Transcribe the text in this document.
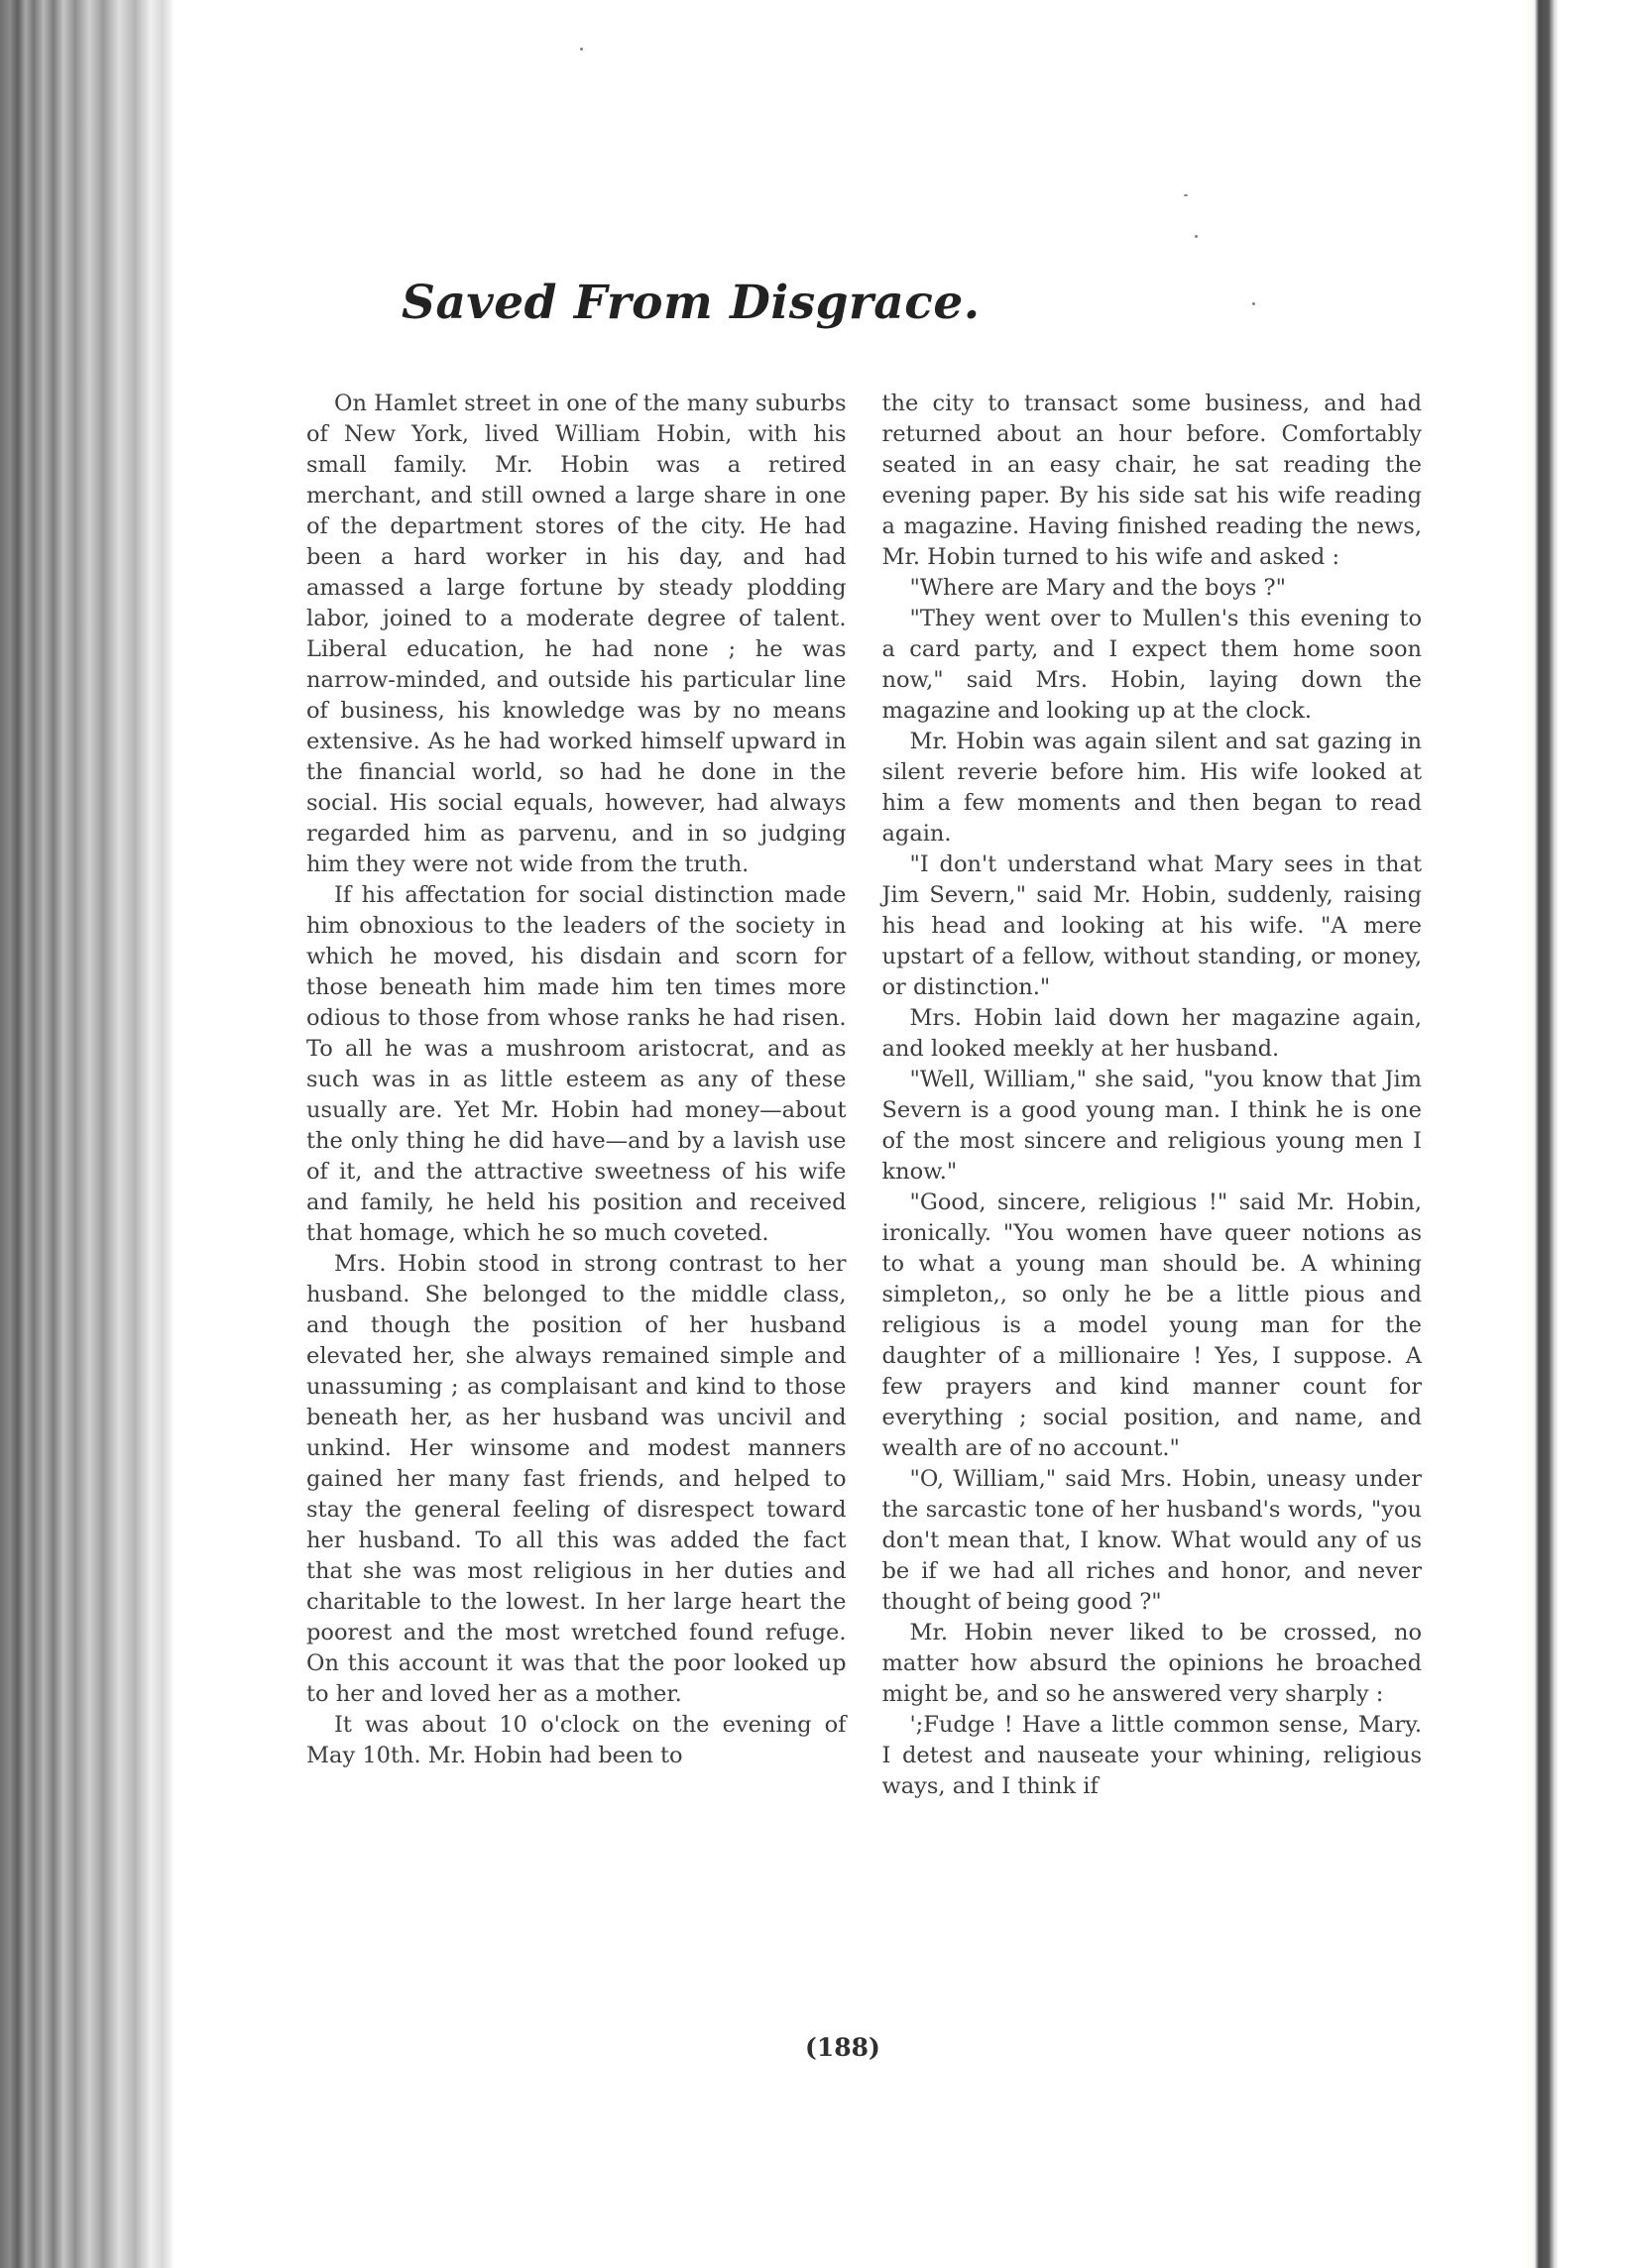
Saved From Disgrace.

On Hamlet street in one of the many suburbs of New York, lived William Hobin, with his small family. Mr. Hobin was a retired merchant, and still owned a large share in one of the department stores of the city. He had been a hard worker in his day, and had amassed a large fortune by steady plodding labor, joined to a moderate degree of talent. Liberal education, he had none ; he was narrow-minded, and outside his particular line of business, his knowledge was by no means extensive. As he had worked himself upward in the financial world, so had he done in the social. His social equals, however, had always regarded him as parvenu, and in so judging him they were not wide from the truth.

If his affectation for social distinction made him obnoxious to the leaders of the society in which he moved, his disdain and scorn for those beneath him made him ten times more odious to those from whose ranks he had risen. To all he was a mushroom aristocrat, and as such was in as little esteem as any of these usually are. Yet Mr. Hobin had money—about the only thing he did have—and by a lavish use of it, and the attractive sweetness of his wife and family, he held his position and received that homage, which he so much coveted.

Mrs. Hobin stood in strong contrast to her husband. She belonged to the middle class, and though the position of her husband elevated her, she always remained simple and unassuming ; as complaisant and kind to those beneath her, as her husband was uncivil and unkind. Her winsome and modest manners gained her many fast friends, and helped to stay the general feeling of disrespect toward her husband. To all this was added the fact that she was most religious in her duties and charitable to the lowest. In her large heart the poorest and the most wretched found refuge. On this account it was that the poor looked up to her and loved her as a mother.

It was about 10 o'clock on the evening of May 10th. Mr. Hobin had been to

the city to transact some business, and had returned about an hour before. Comfortably seated in an easy chair, he sat reading the evening paper. By his side sat his wife reading a magazine. Having finished reading the news, Mr. Hobin turned to his wife and asked :

"Where are Mary and the boys ?"

"They went over to Mullen's this evening to a card party, and I expect them home soon now," said Mrs. Hobin, laying down the magazine and looking up at the clock.

Mr. Hobin was again silent and sat gazing in silent reverie before him. His wife looked at him a few moments and then began to read again.

"I don't understand what Mary sees in that Jim Severn," said Mr. Hobin, suddenly, raising his head and looking at his wife. "A mere upstart of a fellow, without standing, or money, or distinction."

Mrs. Hobin laid down her magazine again, and looked meekly at her husband.

"Well, William," she said, "you know that Jim Severn is a good young man. I think he is one of the most sincere and religious young men I know."

"Good, sincere, religious !" said Mr. Hobin, ironically. "You women have queer notions as to what a young man should be. A whining simpleton,, so only he be a little pious and religious is a model young man for the daughter of a millionaire ! Yes, I suppose. A few prayers and kind manner count for everything ; social position, and name, and wealth are of no account."

"O, William," said Mrs. Hobin, uneasy under the sarcastic tone of her husband's words, "you don't mean that, I know. What would any of us be if we had all riches and honor, and never thought of being good ?"

Mr. Hobin never liked to be crossed, no matter how absurd the opinions he broached might be, and so he answered very sharply :

';Fudge ! Have a little common sense, Mary. I detest and nauseate your whining, religious ways, and I think if

(188)
